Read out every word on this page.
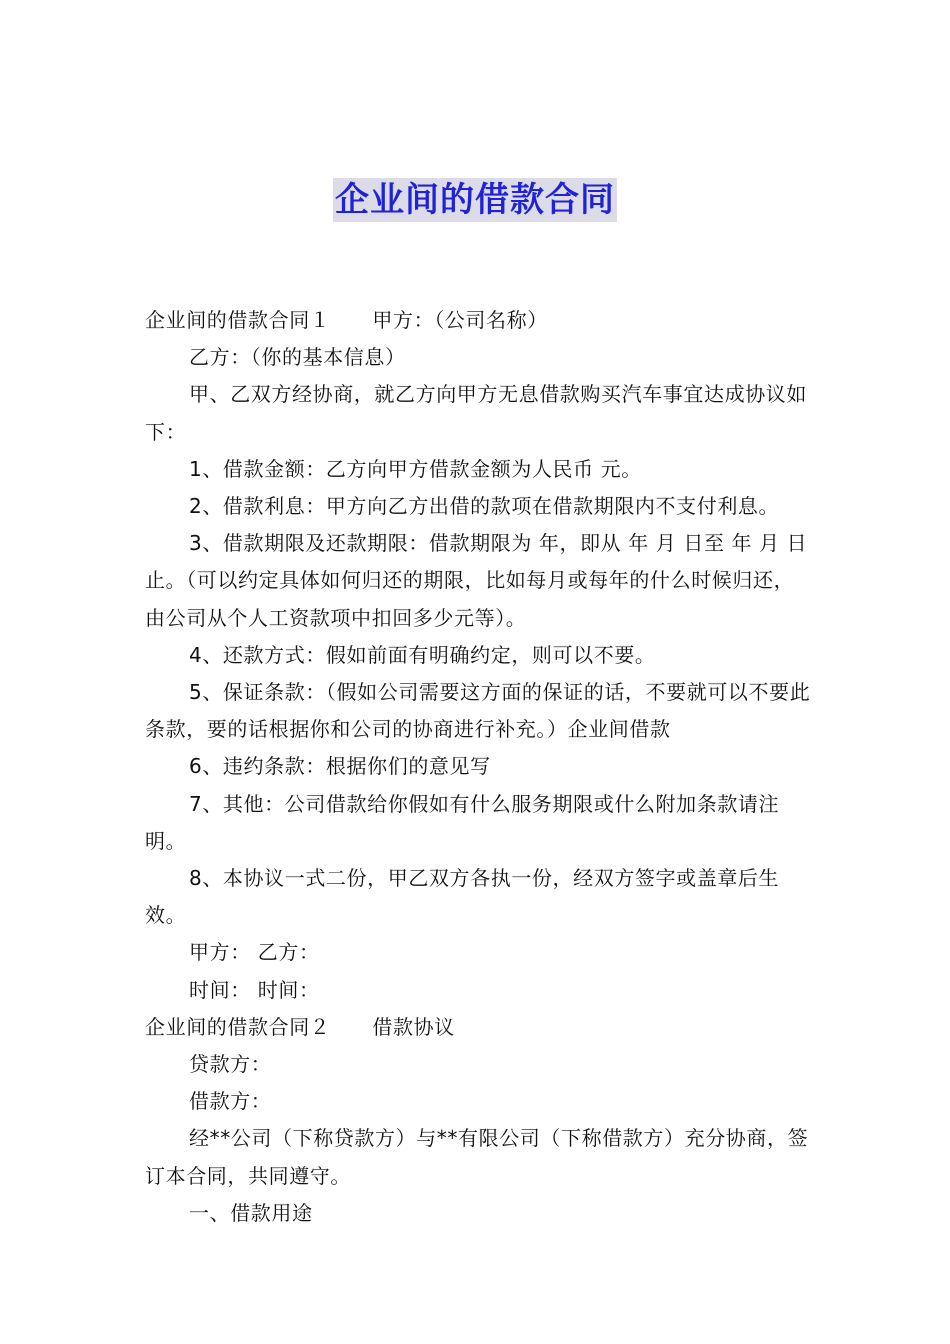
企业间的借款合同

企业间的借款合同１ 甲方：（公司名称）

乙方：（你的基本信息）

甲、乙双方经协商，就乙方向甲方无息借款购买汽车事宜达成协议如下：

1、借款金额：乙方向甲方借款金额为人民币 元。

2、借款利息：甲方向乙方出借的款项在借款期限内不支付利息。

3、借款期限及还款期限：借款期限为 年，即从 年 月 日至 年 月 日止。（可以约定具体如何归还的期限，比如每月或每年的什么时候归还，由公司从个人工资款项中扣回多少元等）。

4、还款方式：假如前面有明确约定，则可以不要。

5、保证条款：（假如公司需要这方面的保证的话，不要就可以不要此条款，要的话根据你和公司的协商进行补充。）企业间借款

6、违约条款：根据你们的意见写

7、其他：公司借款给你假如有什么服务期限或什么附加条款请注明。

8、本协议一式二份，甲乙双方各执一份，经双方签字或盖章后生效。

甲方： 乙方：

时间： 时间：

企业间的借款合同２ 借款协议

贷款方：

借款方：

经**公司（下称贷款方）与**有限公司（下称借款方）充分协商，签订本合同，共同遵守。

一、借款用途
